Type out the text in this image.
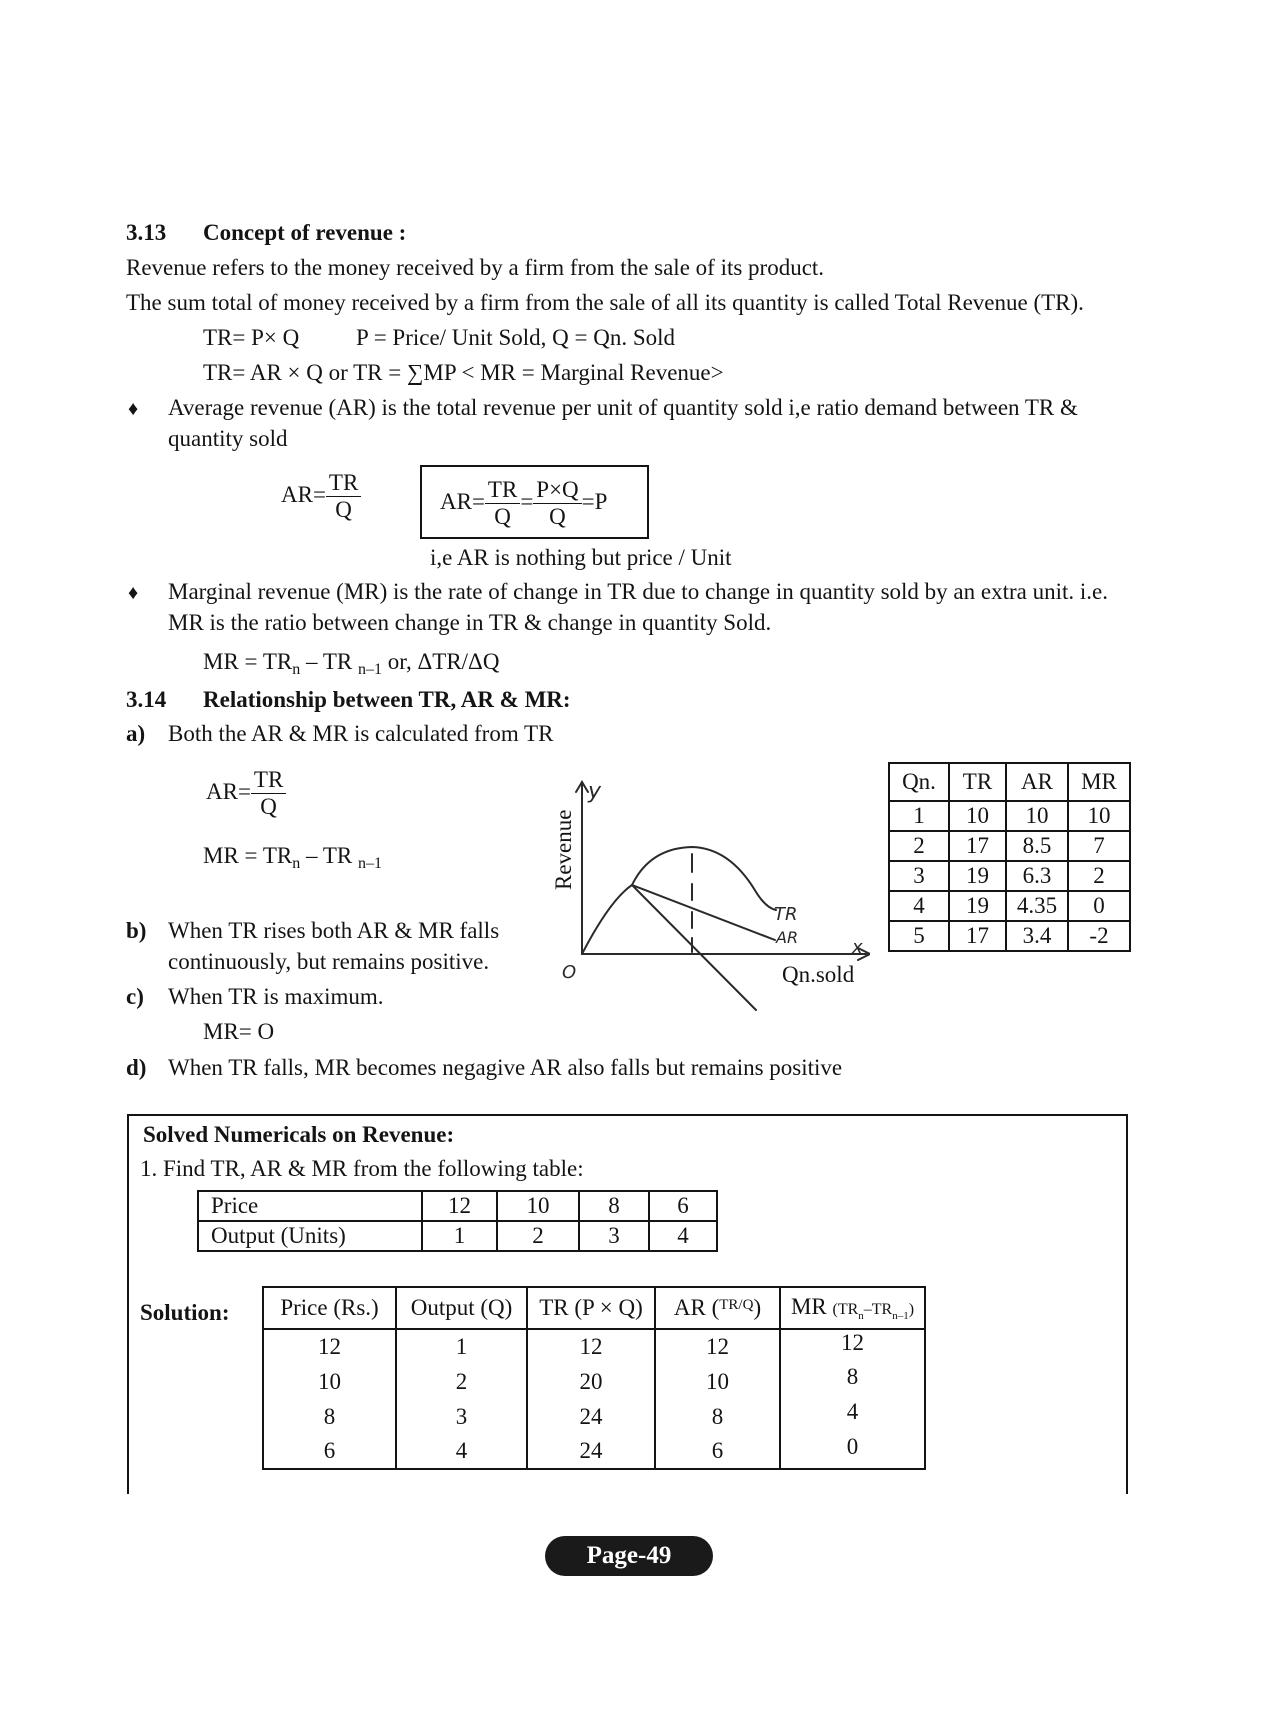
3.13 Concept of revenue :
Revenue refers to the money received by a firm from the sale of its product.
The sum total of money received by a firm from the sale of all its quantity is called Total Revenue (TR).
TR= P× Q P = Price/ Unit Sold, Q = Qn. Sold
TR= AR × Q or TR = ∑MP < MR = Marginal Revenue>
♦ Average revenue (AR) is the total revenue per unit of quantity sold i,e ratio demand between TR &
quantity sold
$AR= \frac{TR}{Q}$	$AR= \frac{TR}{Q} = \frac{P\times Q}{Q} =P$
i,e AR is nothing but price / Unit
♦ Marginal revenue (MR) is the rate of change in TR due to change in quantity sold by an extra unit. i.e.
MR is the ratio between change in TR & change in quantity Sold.
MR = $TR_n$ – TR $_{n-1}$ or, ΔTR/ΔQ
3.14 Relationship between TR, AR & MR:
a) Both the AR & MR is calculated from TR
$AR= \frac{TR}{Q}$
MR = $TR_n$ – TR $_{n-1}$
b) When TR rises both AR & MR falls
continuously, but remains positive.
c) When TR is maximum.
MR= O
d) When TR falls, MR becomes negagive AR also falls but remains positive
y
O
TR
AR	x
Revenue
Qn.sold
Qn.	TR	AR	MR
1	10	10	10
2	17	8.5	7
3	19	6.3	2
4	19	4.35	0
5	17	3.4	-2
Solved Numericals on Revenue:
1. Find TR, AR & MR from the following table:
Price	12	10	8	6
Output (Units)	1	2	3	4
Solution: Price (Rs.)	Output (Q)	TR (P × Q)	AR ($^{TR/Q}$)	MR $(TR_n-TR_{n-1})$
12	1	12	12	12
10	2	20	10	8
8	3	24	8	4
6	4	24	6	0
Page-49
